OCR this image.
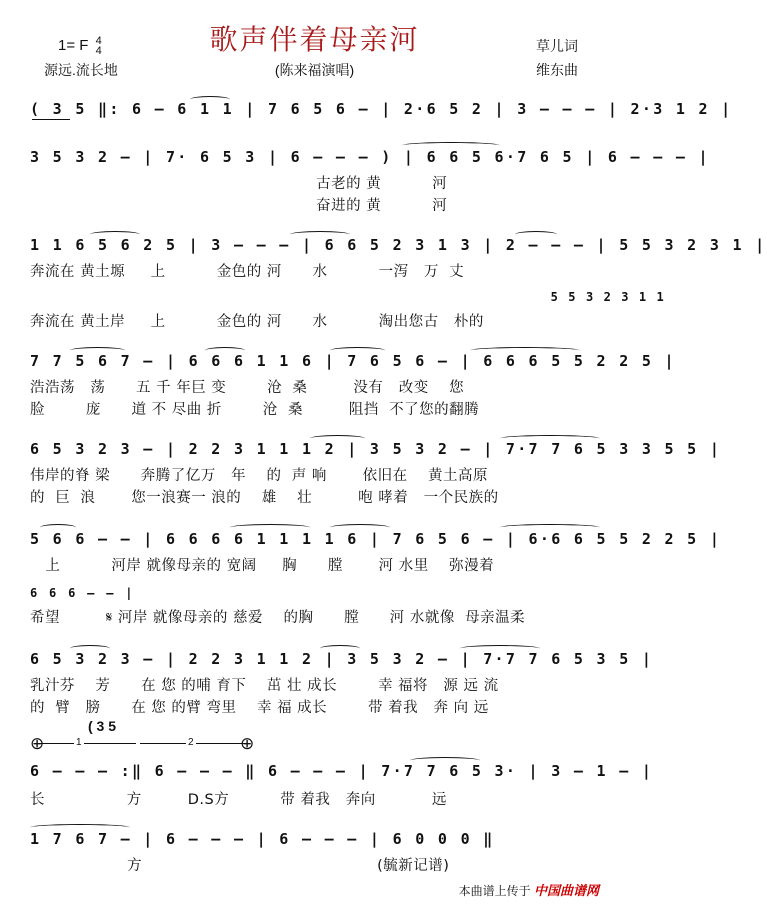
歌声伴着母亲河
1= F 4
4
源远.流长地	(陈来福演唱)
草儿词
维东曲
( 3 5 ‖: 6 – 6 1 1 | 7 6 5 6 – | 2·6 5 2 | 3 – – – | 2·3 1 2 |
3 5 3 2 – | 7· 6 5 3 | 6 – – – ) | 6 6 5 6·7 6 5 | 6 – – – |
古老的 黄          河
奋进的 黄          河
1 1 6 5 6 2 5 | 3 – – – | 6 6 5 2 3 1 3 | 2 – – – | 5 5 3 2 3 1 |
奔流在 黄土塬     上          金色的 河      水          一泻   万  丈
5 5 3 2 3 1 1
奔流在 黄土岸     上          金色的 河      水          淘出您古   朴的
7 7 5 6 7 – | 6 6 6 1 1 6 | 7 6 5 6 – | 6 6 6 5 5 2 2 5 |
浩浩荡   荡      五 千 年巨 变        沧  桑         没有   改变    您
脸        庞      道 不 尽曲 折        沧  桑         阻挡  不了您的翻腾
6 5 3 2 3 – | 2 2 3 1 1 1 2 | 3 5 3 2 – | 7·7 7 6 5 3 3 5 5 |
伟岸的脊 梁      奔腾了亿万   年    的  声 响       依旧在    黄土高原
的  巨  浪       您一浪赛一 浪的    雄    壮         咆 哮着   一个民族的
5 6 6 – – | 6 6 6 6 1 1 1 1 6 | 7 6 5 6 – | 6·6 6 5 5 2 2 5 |
上          河岸 就像母亲的 宽阔     胸      膛       河 水里    弥漫着
6 6 6 – – |
希望         𝄋 河岸 就像母亲的 慈爱    的胸      膛      河 水就像  母亲温柔
6 5 3 2 3 – | 2 2 3 1 1 2 | 3 5 3 2 – | 7·7 7 6 5 3 5 |
乳汁芬    芳      在 您 的哺 育下    茁 壮 成长        幸 福将   源 远 流
的  臂   膀      在 您 的臂 弯里    幸 福 成长        带 着我   奔 向 远
( 3 5
⊕	⊕
1	2
6 – – – :‖ 6 – – – ‖ 6 – – – | 7·7 7 6 5 3· | 3 – 1 – |
长                方         D.S方          带 着我   奔向           远
1 7 6 7 – | 6 – – – | 6 – – – | 6 0 0 0 ‖
方                                              (毓新记谱)
本曲谱上传于 中国曲谱网
